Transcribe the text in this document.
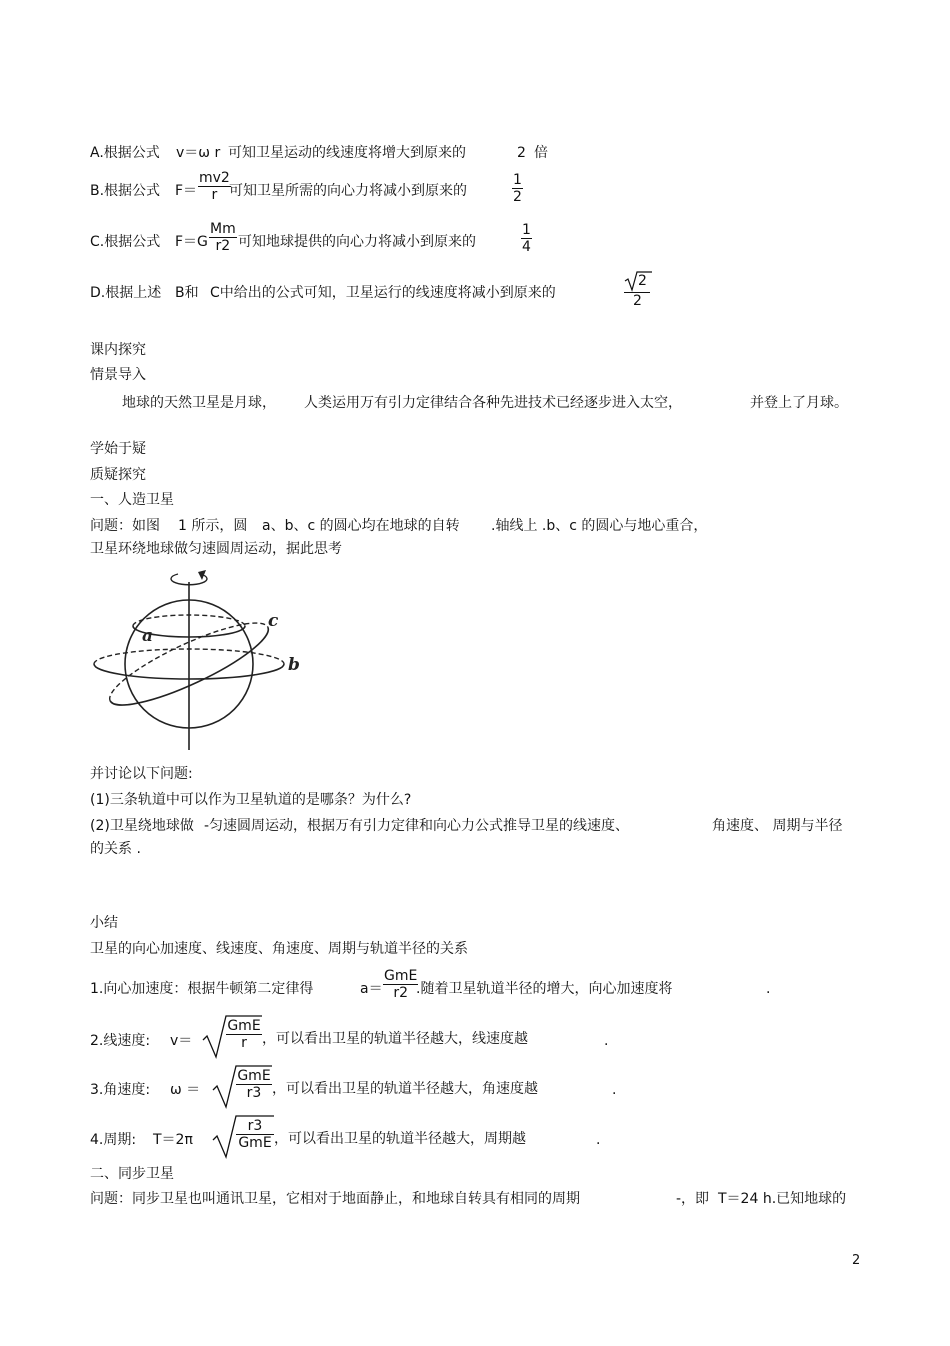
A.根据公式 v＝ω r 可知卫星运动的线速度将增大到原来的	2 倍
B.根据公式 $F= \frac{mv2}{r}$
可知卫星所需的向心力将减小到原来的	$\frac{1}{2}$
C.根据公式 $F=G \frac{Mm}{r2}$ 可知地球提供的向心力将减小到原来的	$\frac{1}{4}$
D.根据上述 B和 C中给出的公式可知，卫星运行的线速度将减小到原来的
2
2
课内探究
情景导入
地球的天然卫星是月球， 人类运用万有引力定律结合各种先进技术已经逐步进入太空，	并登上了月球。
学始于疑
质疑探究
一、人造卫星
问题：如图 1 所示，圆 a、b、c 的圆心均在地球的自转 .轴线上 .b、c 的圆心与地心重合，
卫星环绕地球做匀速圆周运动，据此思考
a
b
c
并讨论以下问题:
(1)三条轨道中可以作为卫星轨道的是哪条？为什么?
(2)卫星绕地球做 -匀速圆周运动，根据万有引力定律和向心力公式推导卫星的线速度、	角速度、 周期与半径
的关系 .
小结
卫星的向心加速度、线速度、角速度、周期与轨道半径的关系
1.向心加速度：根据牛顿第二定律得	a＝
GmE
r2 .随着卫星轨道半径的增大，向心加速度将	.
2.线速度: v＝
GmE
r	，可以看出卫星的轨道半径越大，线速度越	.
3.角速度: ω ＝
GmE
r3 ，可以看出卫星的轨道半径越大，角速度越	.
4.周期: T＝2π
r3
GmE ，可以看出卫星的轨道半径越大，周期越	.
二、同步卫星
问题：同步卫星也叫通讯卫星，它相对于地面静止，和地球自转具有相同的周期	-，即 T＝24 h.已知地球的
2
